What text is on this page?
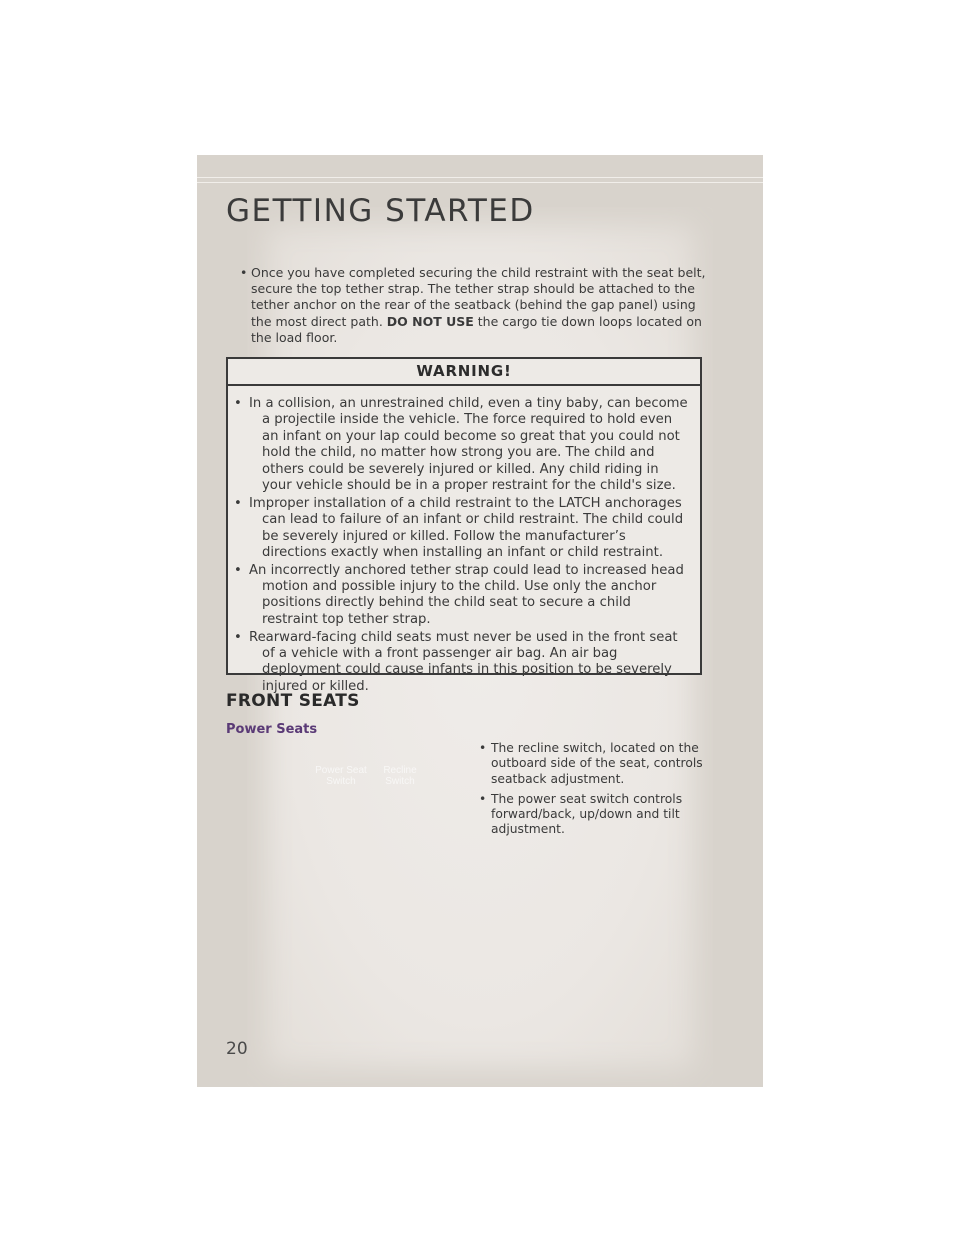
GETTING STARTED
• Once you have completed securing the child restraint with the seat belt, secure the top tether strap. The tether strap should be attached to the tether anchor on the rear of the seatback (behind the gap panel) using the most direct path. DO NOT USE the cargo tie down loops located on the load floor.
WARNING!
• In a collision, an unrestrained child, even a tiny baby, can become a projectile inside the vehicle. The force required to hold even an infant on your lap could become so great that you could not hold the child, no matter how strong you are. The child and others could be severely injured or killed. Any child riding in your vehicle should be in a proper restraint for the child's size.
• Improper installation of a child restraint to the LATCH anchorages can lead to failure of an infant or child restraint. The child could be severely injured or killed. Follow the manufacturer’s directions exactly when installing an infant or child restraint.
• An incorrectly anchored tether strap could lead to increased head motion and possible injury to the child. Use only the anchor positions directly behind the child seat to secure a child restraint top tether strap.
• Rearward-facing child seats must never be used in the front seat of a vehicle with a front passenger air bag. An air bag deployment could cause infants in this position to be severely injured or killed.
FRONT SEATS
Power Seats
Power Seat
Switch
Recline
Switch
• The recline switch, located on the outboard side of the seat, controls seatback adjustment.
• The power seat switch controls forward/back, up/down and tilt adjustment.
20
